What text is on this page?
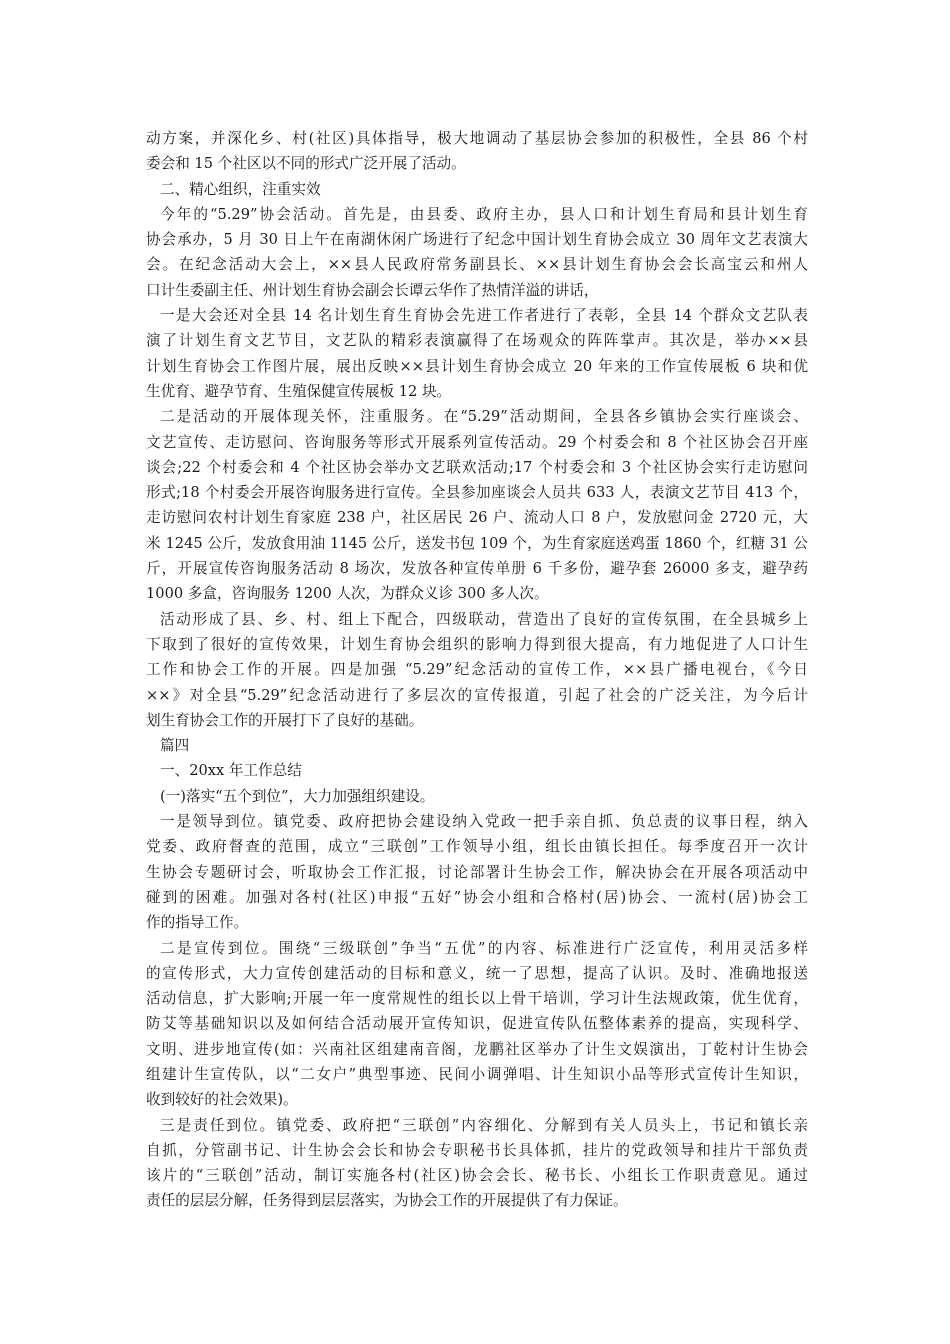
动方案，并深化乡、村(社区)具体指导，极大地调动了基层协会参加的积极性，全县 86 个村
委会和 15 个社区以不同的形式广泛开展了活动。
二、精心组织，注重实效
今年的“5.29”协会活动。首先是，由县委、政府主办，县人口和计划生育局和县计划生育
协会承办，5 月 30 日上午在南湖休闲广场进行了纪念中国计划生育协会成立 30 周年文艺表演大
会。在纪念活动大会上，××县人民政府常务副县长、××县计划生育协会会长高宝云和州人
口计生委副主任、州计划生育协会副会长谭云华作了热情洋溢的讲话，
一是大会还对全县 14 名计划生育生育协会先进工作者进行了表彰，全县 14 个群众文艺队表
演了计划生育文艺节目，文艺队的精彩表演赢得了在场观众的阵阵掌声。其次是，举办××县
计划生育协会工作图片展，展出反映××县计划生育协会成立 20 年来的工作宣传展板 6 块和优
生优育、避孕节育、生殖保健宣传展板 12 块。
二是活动的开展体现关怀，注重服务。在“5.29”活动期间，全县各乡镇协会实行座谈会、
文艺宣传、走访慰问、咨询服务等形式开展系列宣传活动。29 个村委会和 8 个社区协会召开座
谈会;22 个村委会和 4 个社区协会举办文艺联欢活动;17 个村委会和 3 个社区协会实行走访慰问
形式;18 个村委会开展咨询服务进行宣传。全县参加座谈会人员共 633 人，表演文艺节目 413 个，
走访慰问农村计划生育家庭 238 户，社区居民 26 户、流动人口 8 户，发放慰问金 2720 元，大
米 1245 公斤，发放食用油 1145 公斤，送发书包 109 个，为生育家庭送鸡蛋 1860 个，红糖 31 公
斤，开展宣传咨询服务活动 8 场次，发放各种宣传单册 6 千多份，避孕套 26000 多支，避孕药
1000 多盒，咨询服务 1200 人次，为群众义诊 300 多人次。
活动形成了县、乡、村、组上下配合，四级联动，营造出了良好的宣传氛围，在全县城乡上
下取到了很好的宣传效果，计划生育协会组织的影响力得到很大提高，有力地促进了人口计生
工作和协会工作的开展。四是加强 “5.29”纪念活动的宣传工作，××县广播电视台，《今日
××》对全县“5.29”纪念活动进行了多层次的宣传报道，引起了社会的广泛关注，为今后计
划生育协会工作的开展打下了良好的基础。
篇四
一、20xx 年工作总结
(一)落实“五个到位”，大力加强组织建设。
一是领导到位。镇党委、政府把协会建设纳入党政一把手亲自抓、负总责的议事日程，纳入
党委、政府督查的范围，成立“三联创”工作领导小组，组长由镇长担任。每季度召开一次计
生协会专题研讨会，听取协会工作汇报，讨论部署计生协会工作，解决协会在开展各项活动中
碰到的困难。加强对各村(社区)申报“五好”协会小组和合格村(居)协会、一流村(居)协会工
作的指导工作。
二是宣传到位。围绕“三级联创”争当“五优”的内容、标准进行广泛宣传，利用灵活多样
的宣传形式，大力宣传创建活动的目标和意义，统一了思想，提高了认识。及时、准确地报送
活动信息，扩大影响;开展一年一度常规性的组长以上骨干培训，学习计生法规政策，优生优育，
防艾等基础知识以及如何结合活动展开宣传知识，促进宣传队伍整体素养的提高，实现科学、
文明、进步地宣传(如：兴南社区组建南音阁，龙鹏社区举办了计生文娱演出，丁乾村计生协会
组建计生宣传队，以“二女户”典型事迹、民间小调弹唱、计生知识小品等形式宣传计生知识，
收到较好的社会效果)。
三是责任到位。镇党委、政府把“三联创”内容细化、分解到有关人员头上，书记和镇长亲
自抓，分管副书记、计生协会会长和协会专职秘书长具体抓，挂片的党政领导和挂片干部负责
该片的“三联创”活动，制订实施各村(社区)协会会长、秘书长、小组长工作职责意见。通过
责任的层层分解，任务得到层层落实，为协会工作的开展提供了有力保证。
